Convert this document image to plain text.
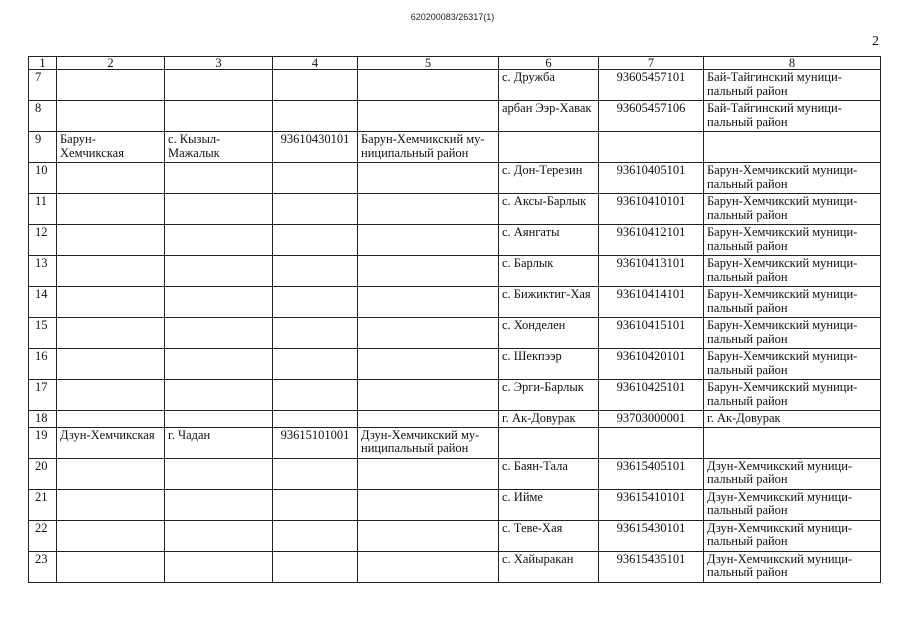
620200083/26317(1)
2
1	2	3	4	5	6	7	8
7					с. Дружба	93605457101	Бай-Тайгинский муници-
пальный район
8					арбан Ээр-Хавак	93605457106	Бай-Тайгинский муници-
пальный район
9	Барун-
Хемчикская	с. Кызыл-
Мажалык	93610430101	Барун-Хемчикский му-
ниципальный район			
10					с. Дон-Терезин	93610405101	Барун-Хемчикский муници-
пальный район
11					с. Аксы-Барлык	93610410101	Барун-Хемчикский муници-
пальный район
12					с. Аянгаты	93610412101	Барун-Хемчикский муници-
пальный район
13					с. Барлык	93610413101	Барун-Хемчикский муници-
пальный район
14					с. Бижиктиг-Хая	93610414101	Барун-Хемчикский муници-
пальный район
15					с. Хонделен	93610415101	Барун-Хемчикский муници-
пальный район
16					с. Шекпээр	93610420101	Барун-Хемчикский муници-
пальный район
17					с. Эрги-Барлык	93610425101	Барун-Хемчикский муници-
пальный район
18					г. Ак-Довурак	93703000001	г. Ак-Довурак
19	Дзун-Хемчикская	г. Чадан	93615101001	Дзун-Хемчикский му-
ниципальный район			
20					с. Баян-Тала	93615405101	Дзун-Хемчикский муници-
пальный район
21					с. Ийме	93615410101	Дзун-Хемчикский муници-
пальный район
22					с. Теве-Хая	93615430101	Дзун-Хемчикский муници-
пальный район
23					с. Хайыракан	93615435101	Дзун-Хемчикский муници-
пальный район
